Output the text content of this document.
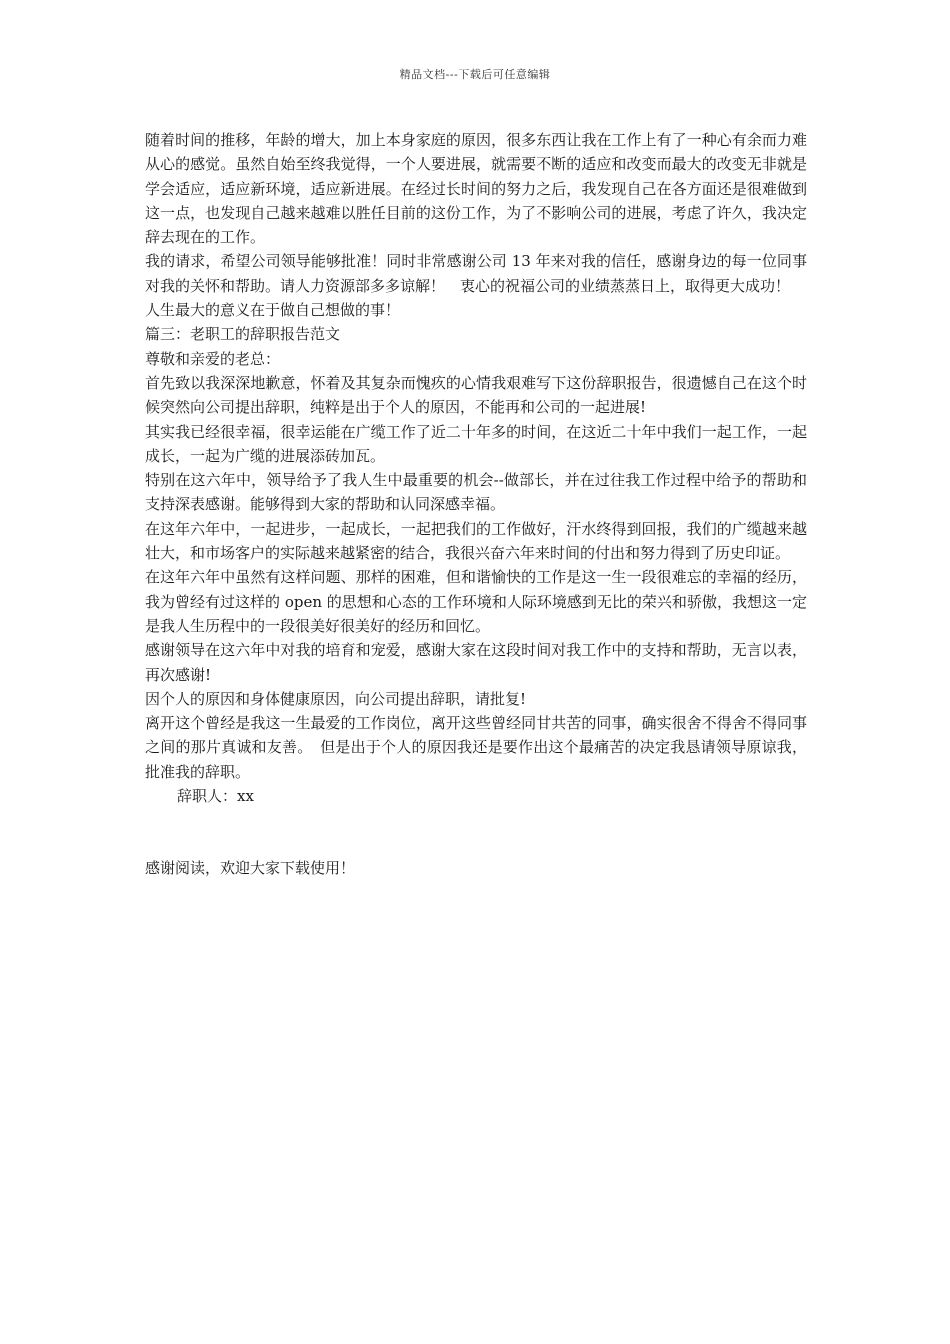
精品文档---下载后可任意编辑

随着时间的推移，年龄的增大，加上本身家庭的原因，很多东西让我在工作上有了一种心有余而力难从心的感觉。虽然自始至终我觉得，一个人要进展，就需要不断的适应和改变而最大的改变无非就是学会适应，适应新环境，适应新进展。在经过长时间的努力之后，我发现自己在各方面还是很难做到这一点，也发现自己越来越难以胜任目前的这份工作，为了不影响公司的进展，考虑了许久，我决定辞去现在的工作。

我的请求，希望公司领导能够批准！同时非常感谢公司 13 年来对我的信任，感谢身边的每一位同事对我的关怀和帮助。请人力资源部多多谅解！　衷心的祝福公司的业绩蒸蒸日上，取得更大成功！

人生最大的意义在于做自己想做的事！

篇三：老职工的辞职报告范文

尊敬和亲爱的老总：

首先致以我深深地歉意，怀着及其复杂而愧疚的心情我艰难写下这份辞职报告，很遗憾自己在这个时候突然向公司提出辞职，纯粹是出于个人的原因，不能再和公司的一起进展!

其实我已经很幸福，很幸运能在广缆工作了近二十年多的时间，在这近二十年中我们一起工作，一起成长，一起为广缆的进展添砖加瓦。

特别在这六年中，领导给予了我人生中最重要的机会--做部长，并在过往我工作过程中给予的帮助和支持深表感谢。能够得到大家的帮助和认同深感幸福。

在这年六年中，一起进步，一起成长，一起把我们的工作做好，汗水终得到回报，我们的广缆越来越壮大，和市场客户的实际越来越紧密的结合，我很兴奋六年来时间的付出和努力得到了历史印证。

在这年六年中虽然有这样问题、那样的困难，但和谐愉快的工作是这一生一段很难忘的幸福的经历，我为曾经有过这样的 open 的思想和心态的工作环境和人际环境感到无比的荣兴和骄傲，我想这一定是我人生历程中的一段很美好很美好的经历和回忆。

感谢领导在这六年中对我的培育和宠爱，感谢大家在这段时间对我工作中的支持和帮助，无言以表，再次感谢!

因个人的原因和身体健康原因，向公司提出辞职，请批复!

离开这个曾经是我这一生最爱的工作岗位，离开这些曾经同甘共苦的同事，确实很舍不得舍不得同事之间的那片真诚和友善。　但是出于个人的原因我还是要作出这个最痛苦的决定我恳请领导原谅我，批准我的辞职。

辞职人：xx

感谢阅读，欢迎大家下载使用！
